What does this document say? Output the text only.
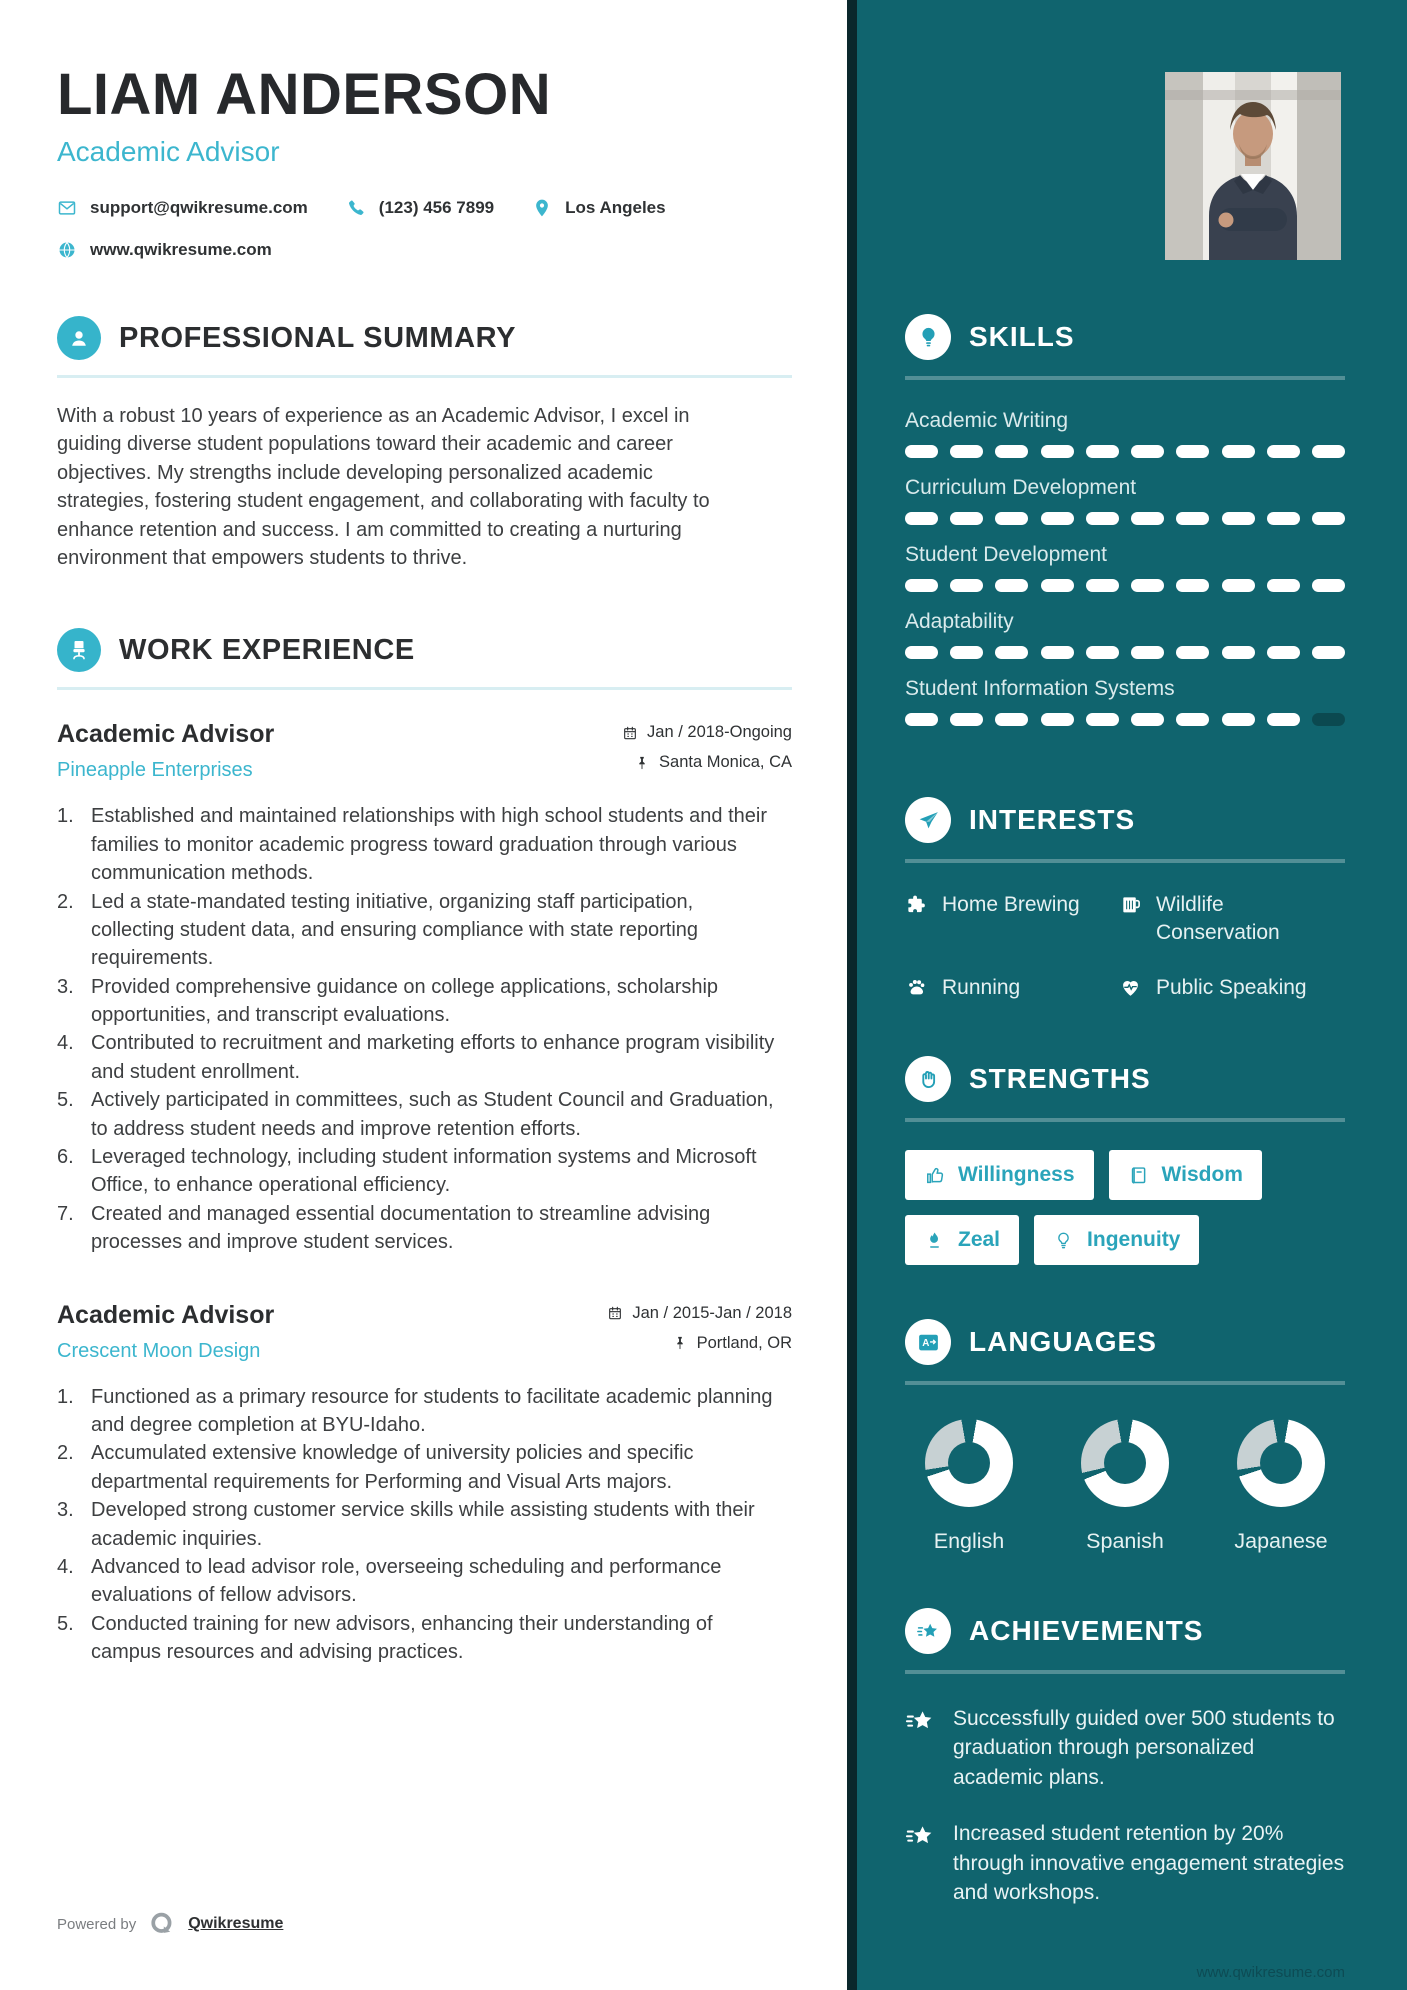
LIAM ANDERSON
Academic Advisor
support@qwikresume.com	(123) 456 7899	Los Angeles
www.qwikresume.com
PROFESSIONAL SUMMARY

With a robust 10 years of experience as an Academic Advisor, I excel in guiding diverse student populations toward their academic and career objectives. My strengths include developing personalized academic strategies, fostering student engagement, and collaborating with faculty to enhance retention and success. I am committed to creating a nurturing environment that empowers students to thrive.

WORK EXPERIENCE
Academic Advisor
Pineapple Enterprises
Jan / 2018-Ongoing
Santa Monica, CA
Established and maintained relationships with high school students and their families to monitor academic progress toward graduation through various communication methods.
Led a state-mandated testing initiative, organizing staff participation, collecting student data, and ensuring compliance with state reporting requirements.
Provided comprehensive guidance on college applications, scholarship opportunities, and transcript evaluations.
Contributed to recruitment and marketing efforts to enhance program visibility and student enrollment.
Actively participated in committees, such as Student Council and Graduation, to address student needs and improve retention efforts.
Leveraged technology, including student information systems and Microsoft Office, to enhance operational efficiency.
Created and managed essential documentation to streamline advising processes and improve student services.
Academic Advisor
Crescent Moon Design
Jan / 2015-Jan / 2018
Portland, OR
Functioned as a primary resource for students to facilitate academic planning and degree completion at BYU-Idaho.
Accumulated extensive knowledge of university policies and specific departmental requirements for Performing and Visual Arts majors.
Developed strong customer service skills while assisting students with their academic inquiries.
Advanced to lead advisor role, overseeing scheduling and performance evaluations of fellow advisors.
Conducted training for new advisors, enhancing their understanding of campus resources and advising practices.
Powered by	Qwikresume
SKILLS
Academic Writing
Curriculum Development
Student Development
Adaptability
Student Information Systems
INTERESTS
Home Brewing	Wildlife Conservation
Running	Public Speaking
STRENGTHS
Willingness	Wisdom
Zeal	Ingenuity
A LANGUAGES
English	Spanish	Japanese
ACHIEVEMENTS

Successfully guided over 500 students to graduation through personalized academic plans.

Increased student retention by 20% through innovative engagement strategies and workshops.

www.qwikresume.com
